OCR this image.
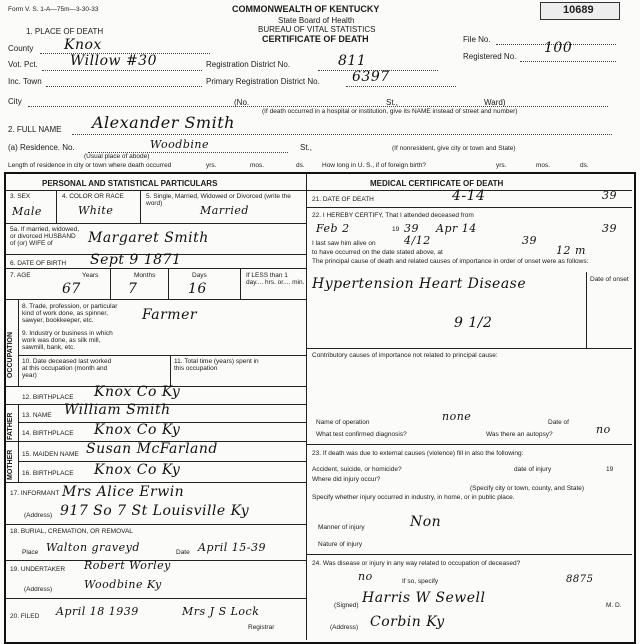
Form V. S. 1-A—75m—3-30-33	COMMONWEALTH OF KENTUCKY
State Board of Health
BUREAU OF VITAL STATISTICS
CERTIFICATE OF DEATH
10689
File No.
Registered No.
100
1. PLACE OF DEATH
County Knox
Vot. Pct. Willow #30	Registration District No.	811
Inc. Town	Primary Registration District No. 6397
City	(No.	St.,	Ward)
(If death occurred in a hospital or institution, give its NAME instead of street and number)
2. FULL NAME Alexander Smith
(a) Residence. No.	Woodbine	St.,
(Usual place of abode)
(If nonresident, give city or town and State)
Length of residence in city or town where death occurred	yrs.	mos.	ds.	How long in U. S., if of foreign birth?	yrs.	mos.	ds.
PERSONAL AND STATISTICAL PARTICULARS	MEDICAL CERTIFICATE OF DEATH
3. SEX	4. COLOR OR RACE	5. Single, Married, Widowed or Divorced (write the word)
Male	White	Married
5a. If married, widowed, or divorced HUSBAND of (or) WIFE of	Margaret Smith
6. DATE OF BIRTH Sept 9 1871
7. AGE	Years	Months	Days	If LESS than 1 day.... hrs. or.... min.
67	7	16
OCCUPATION
8. Trade, profession, or particular kind of work done, as spinner, sawyer, bookkeeper, etc.	Farmer
9. Industry or business in which work was done, as silk mill, sawmill, bank, etc.
10. Date deceased last worked at this occupation (month and year)
11. Total time (years) spent in this occupation
12. BIRTHPLACE Knox Co Ky
FATHER 13. NAME William Smith
14. BIRTHPLACE Knox Co Ky
MOTHER 15. MAIDEN NAME Susan McFarland
16. BIRTHPLACE Knox Co Ky
17. INFORMANT Mrs Alice Erwin
(Address) 917 So 7 St Louisville Ky
18. BURIAL, CREMATION, OR REMOVAL
Place Walton graveyd	Date April 15-39
19. UNDERTAKER Robert Worley
(Address)	Woodbine Ky
20. FILED April 18 1939	Mrs J S Lock
Registrar
21. DATE OF DEATH	4-14	39
22. I HEREBY CERTIFY, That I attended deceased from
Feb 2	19 39 Apr 14	39
I last saw him alive on	4/12	39
to have occurred on the date stated above, at	12 m
The principal cause of death and related causes of importance in order of onset were as follows:
Date of onset
Hypertension Heart Disease
9 1/2
Contributory causes of importance not related to principal cause:
Name of operation	none	Date of
What test confirmed diagnosis?	Was there an autopsy?	no
23. If death was due to external causes (violence) fill in also the following:
Accident, suicide, or homicide?	date of injury	19
Where did injury occur?
(Specify city or town, county, and State)
Specify whether injury occurred in industry, in home, or in public place.
Manner of injury	Non
Nature of injury
24. Was disease or injury in any way related to occupation of deceased?
no	If so, specify	8875
(Signed) Harris W Sewell	M. D.
(Address) Corbin Ky
